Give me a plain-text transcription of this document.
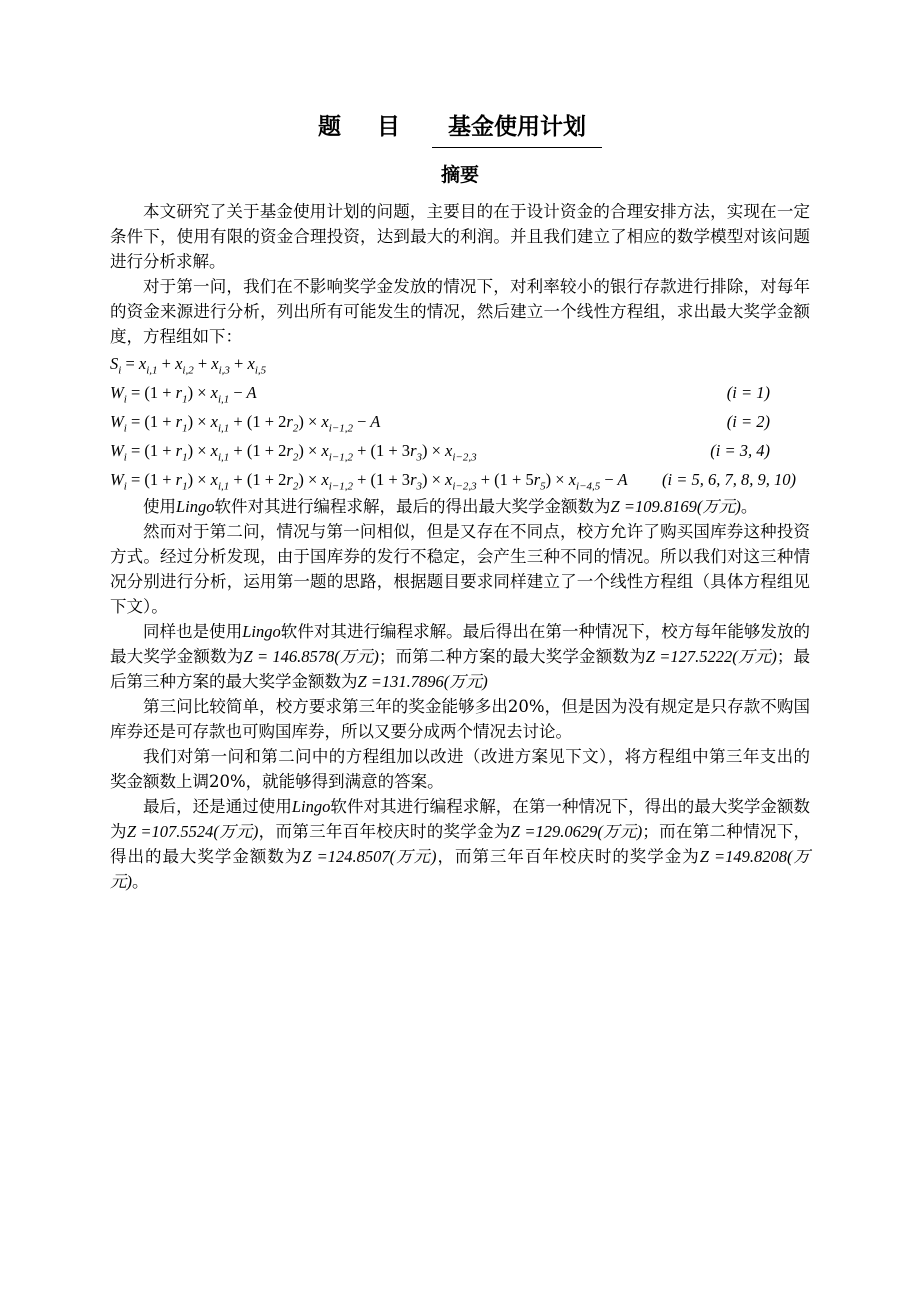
题 目 基金使用计划
摘要

本文研究了关于基金使用计划的问题，主要目的在于设计资金的合理安排方法，实现在一定条件下，使用有限的资金合理投资，达到最大的利润。并且我们建立了相应的数学模型对该问题进行分析求解。

对于第一问，我们在不影响奖学金发放的情况下，对利率较小的银行存款进行排除，对每年的资金来源进行分析，列出所有可能发生的情况，然后建立一个线性方程组，求出最大奖学金额度，方程组如下：

$S_i = x_{i,1} + x_{i,2} + x_{i,3} + x_{i,5}$
$W_i = (1 + r_1) \times x_{i,1} - A$	(i = 1)
$W_i = (1 + r_1) \times x_{i,1} + (1 + 2r_2) \times x_{i-1,2} - A$	(i = 2)
$W_i = (1 + r_1) \times x_{i,1} + (1 + 2r_2) \times x_{i-1,2} + (1 + 3r_3) \times x_{i-2,3}$	(i = 3, 4)
$W_i = (1 + r_1) \times x_{i,1} + (1 + 2r_2) \times x_{i-1,2} + (1 + 3r_3) \times x_{i-2,3} + (1 + 5r_5) \times x_{i-4,5} - A$ (i = 5, 6, 7, 8, 9, 10)

使用Lingo软件对其进行编程求解，最后的得出最大奖学金额数为Z =109.8169(万元)。

然而对于第二问，情况与第一问相似，但是又存在不同点，校方允许了购买国库券这种投资方式。经过分析发现，由于国库券的发行不稳定，会产生三种不同的情况。所以我们对这三种情况分别进行分析，运用第一题的思路，根据题目要求同样建立了一个线性方程组（具体方程组见下文）。

同样也是使用Lingo软件对其进行编程求解。最后得出在第一种情况下，校方每年能够发放的最大奖学金额数为Z = 146.8578(万元)；而第二种方案的最大奖学金额数为Z =127.5222(万元)；最后第三种方案的最大奖学金额数为Z =131.7896(万元)

第三问比较简单，校方要求第三年的奖金能够多出20%，但是因为没有规定是只存款不购国库券还是可存款也可购国库券，所以又要分成两个情况去讨论。

我们对第一问和第二问中的方程组加以改进（改进方案见下文），将方程组中第三年支出的奖金额数上调20%，就能够得到满意的答案。

最后，还是通过使用Lingo软件对其进行编程求解，在第一种情况下，得出的最大奖学金额数为Z =107.5524(万元)，而第三年百年校庆时的奖学金为Z =129.0629(万元)；而在第二种情况下，得出的最大奖学金额数为Z =124.8507(万元)，而第三年百年校庆时的奖学金为Z =149.8208(万元)。
